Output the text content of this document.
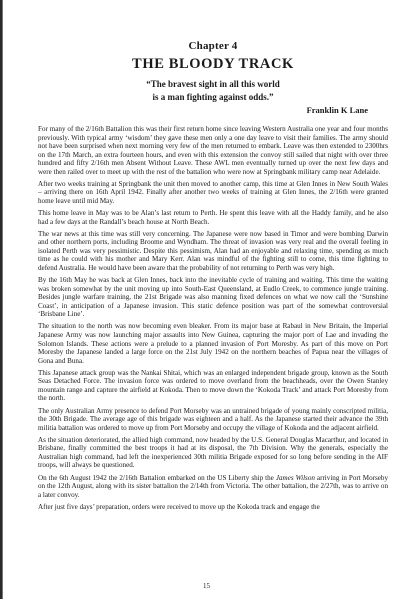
Chapter 4
THE BLOODY TRACK

“The bravest sight in all this world

is a man fighting against odds.”

Franklin K Lane

For many of the 2/16th Battalion this was their first return home since leaving Western Australia one year and four months previously. With typical army ‘wisdom’ they gave these men only a one day leave to visit their families. The army should not have been surprised when next morning very few of the men returned to embark. Leave was then extended to 2300hrs on the 17th March, an extra fourteen hours, and even with this extension the convoy still sailed that night with over three hundred and fifty 2/16th men Absent Without Leave. These AWL men eventually turned up over the next few days and were then railed over to meet up with the rest of the battalion who were now at Springbank military camp near Adelaide.

After two weeks training at Springbank the unit then moved to another camp, this time at Glen Innes in New South Wales – arriving there on 16th April 1942. Finally after another two weeks of training at Glen Innes, the 2/16th were granted home leave until mid May.

This home leave in May was to be Alan’s last return to Perth. He spent this leave with all the Haddy family, and he also had a few days at the Randall’s beach house at North Beach.

The war news at this time was still very concerning. The Japanese were now based in Timor and were bombing Darwin and other northern ports, including Broome and Wyndham. The threat of invasion was very real and the overall feeling in isolated Perth was very pessimistic. Despite this pessimism, Alan had an enjoyable and relaxing time, spending as much time as he could with his mother and Mary Kerr. Alan was mindful of the fighting still to come, this time fighting to defend Australia. He would have been aware that the probability of not returning to Perth was very high.

By the 16th May he was back at Glen Innes, back into the inevitable cycle of training and waiting. This time the waiting was broken somewhat by the unit moving up into South-East Queensland, at Eudlo Creek, to commence jungle training. Besides jungle warfare training, the 21st Brigade was also manning fixed defences on what we now call the ‘Sunshine Coast’, in anticipation of a Japanese invasion. This static defence position was part of the somewhat controversial ‘Brisbane Line’.

The situation to the north was now becoming even bleaker. From its major base at Rabaul in New Britain, the Imperial Japanese Army was now launching major assaults into New Guinea, capturing the major port of Lae and invading the Solomon Islands. These actions were a prelude to a planned invasion of Port Moresby. As part of this move on Port Moresby the Japanese landed a large force on the 21st July 1942 on the northern beaches of Papua near the villages of Gona and Buna.

This Japanese attack group was the Nankai Shitai, which was an enlarged independent brigade group, known as the South Seas Detached Force. The invasion force was ordered to move overland from the beachheads, over the Owen Stanley mountain range and capture the airfield at Kokoda. Then to move down the ‘Kokoda Track’ and attack Port Moresby from the north.

The only Australian Army presence to defend Port Morseby was an untrained brigade of young mainly conscripted militia, the 30th Brigade. The average age of this brigade was eighteen and a half. As the Japanese started their advance the 39th militia battalion was ordered to move up from Port Morseby and occupy the village of Kokoda and the adjacent airfield.

As the situation deteriorated, the allied high command, now headed by the U.S. General Douglas Macarthur, and located in Brisbane, finally committed the best troops it had at its disposal, the 7th Division. Why the generals, especially the Australian high command, had left the inexperienced 30th militia Brigade exposed for so long before sending in the AIF troops, will always be questioned.

On the 6th August 1942 the 2/16th Battalion embarked on the US Liberty ship the James Wilson arriving in Port Morseby on the 12th August, along with its sister battalion the 2/14th from Victoria. The other battalion, the 2/27th, was to arrive on a later convoy.

After just five days’ preparation, orders were received to move up the Kokoda track and engage the

15
